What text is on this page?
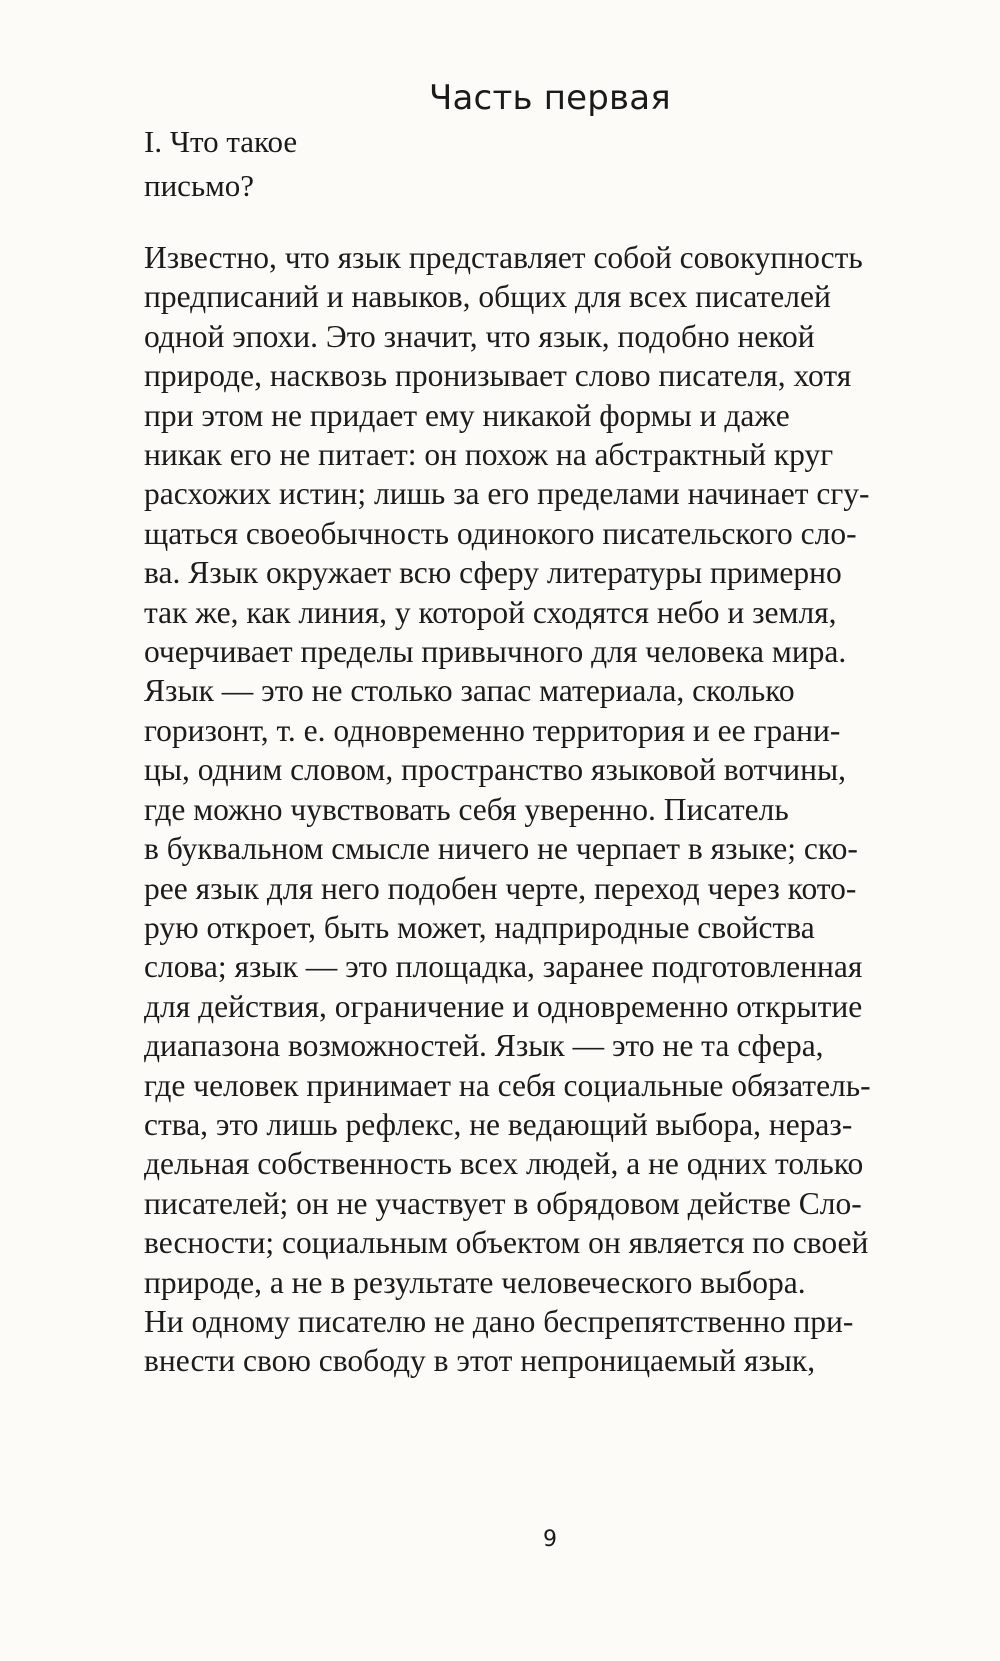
Часть первая
I. Что такое
письмо?
Известно, что язык представляет собой совокупность
предписаний и навыков, общих для всех писателей
одной эпохи. Это значит, что язык, подобно некой
природе, насквозь пронизывает слово писателя, хотя
при этом не придает ему никакой формы и даже
никак его не питает: он похож на абстрактный круг
расхожих истин; лишь за его пределами начинает сгу-
щаться своеобычность одинокого писательского сло-
ва. Язык окружает всю сферу литературы примерно
так же, как линия, у которой сходятся небо и земля,
очерчивает пределы привычного для человека мира.
Язык — это не столько запас материала, сколько
горизонт, т. е. одновременно территория и ее грани-
цы, одним словом, пространство языковой вотчины,
где можно чувствовать себя уверенно. Писатель
в буквальном смысле ничего не черпает в языке; ско-
рее язык для него подобен черте, переход через кото-
рую откроет, быть может, надприродные свойства
слова; язык — это площадка, заранее подготовленная
для действия, ограничение и одновременно открытие
диапазона возможностей. Язык — это не та сфера,
где человек принимает на себя социальные обязатель-
ства, это лишь рефлекс, не ведающий выбора, нераз-
дельная собственность всех людей, а не одних только
писателей; он не участвует в обрядовом действе Сло-
весности; социальным объектом он является по своей
природе, а не в результате человеческого выбора.
Ни одному писателю не дано беспрепятственно при-
внести свою свободу в этот непроницаемый язык,
9
